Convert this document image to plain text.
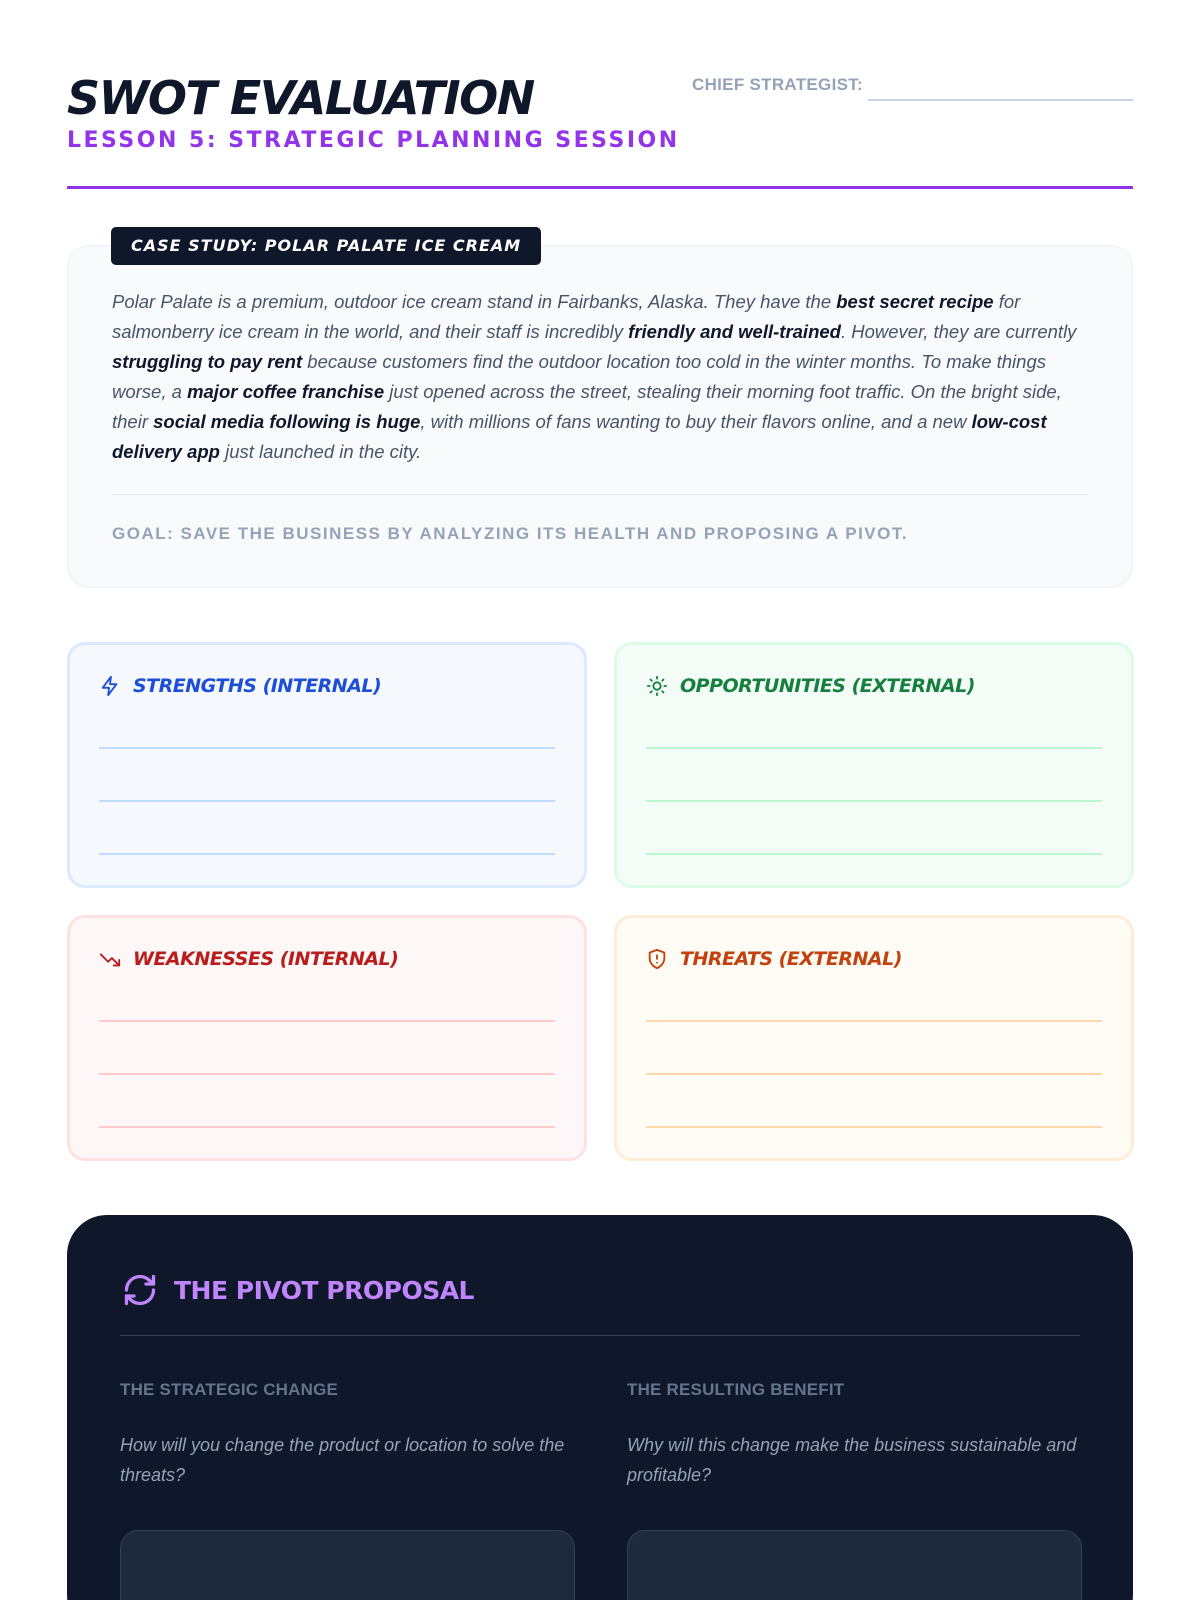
SWOT EVALUATION
LESSON 5: STRATEGIC PLANNING SESSION
CHIEF STRATEGIST:

Polar Palate is a premium, outdoor ice cream stand in Fairbanks, Alaska. They have the best secret recipe for salmonberry ice cream in the world, and their staff is incredibly friendly and well-trained. However, they are currently struggling to pay rent because customers find the outdoor location too cold in the winter months. To make things worse, a major coffee franchise just opened across the street, stealing their morning foot traffic. On the bright side, their social media following is huge, with millions of fans wanting to buy their flavors online, and a new low-cost delivery app just launched in the city.

GOAL: SAVE THE BUSINESS BY ANALYZING ITS HEALTH AND PROPOSING A PIVOT.
CASE STUDY: POLAR PALATE ICE CREAM
STRENGTHS (INTERNAL)	OPPORTUNITIES (EXTERNAL)
WEAKNESSES (INTERNAL)	THREATS (EXTERNAL)
THE PIVOT PROPOSAL
THE STRATEGIC CHANGE
How will you change the product or location to solve the threats?
THE RESULTING BENEFIT
Why will this change make the business sustainable and profitable?
